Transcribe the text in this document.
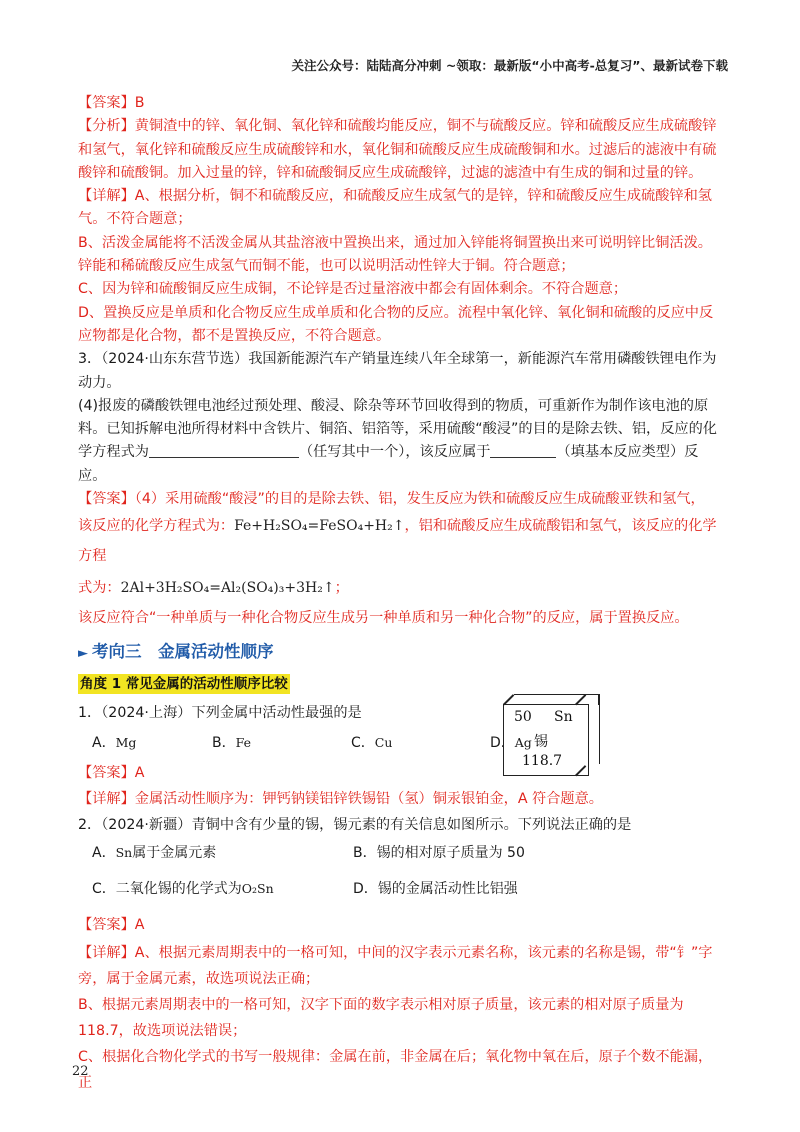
关注公众号：陆陆高分冲刺 ~领取：最新版“小中高考-总复习”、最新试卷下载

【答案】B

【分析】黄铜渣中的锌、氧化铜、氧化锌和硫酸均能反应，铜不与硫酸反应。锌和硫酸反应生成硫酸锌和氢气，氧化锌和硫酸反应生成硫酸锌和水，氧化铜和硫酸反应生成硫酸铜和水。过滤后的滤液中有硫酸锌和硫酸铜。加入过量的锌，锌和硫酸铜反应生成硫酸锌，过滤的滤渣中有生成的铜和过量的锌。

【详解】A、根据分析，铜不和硫酸反应，和硫酸反应生成氢气的是锌，锌和硫酸反应生成硫酸锌和氢气。不符合题意；

B、活泼金属能将不活泼金属从其盐溶液中置换出来，通过加入锌能将铜置换出来可说明锌比铜活泼。锌能和稀硫酸反应生成氢气而铜不能，也可以说明活动性锌大于铜。符合题意；

C、因为锌和硫酸铜反应生成铜，不论锌是否过量溶液中都会有固体剩余。不符合题意；

D、置换反应是单质和化合物反应生成单质和化合物的反应。流程中氧化锌、氧化铜和硫酸的反应中反应物都是化合物，都不是置换反应，不符合题意。

3．（2024·山东东营节选）我国新能源汽车产销量连续八年全球第一，新能源汽车常用磷酸铁锂电作为动力。

(4)报废的磷酸铁锂电池经过预处理、酸浸、除杂等环节回收得到的物质，可重新作为制作该电池的原料。已知拆解电池所得材料中含铁片、铜箔、铝箔等，采用硫酸“酸浸”的目的是除去铁、铝，反应的化学方程式为	（任写其中一个），该反应属于	（填基本反应类型）反应。

【答案】（4）采用硫酸“酸浸”的目的是除去铁、铝，发生反应为铁和硫酸反应生成硫酸亚铁和氢气，

该反应的化学方程式为：Fe+H₂SO₄=FeSO₄+H₂↑，铝和硫酸反应生成硫酸铝和氢气，该反应的化学方程

式为：2Al+3H₂SO₄=Al₂(SO₄)₃+3H₂↑；

该反应符合“一种单质与一种化合物反应生成另一种单质和另一种化合物”的反应，属于置换反应。

► 考向三　金属活动性顺序
角度 1 常见金属的活动性顺序比较

1．（2024·上海）下列金属中活动性最强的是

A．Mg	B．Fe	C．Cu	D．Ag

【答案】A

【详解】金属活动性顺序为：钾钙钠镁铝锌铁锡铅（氢）铜汞银铂金，A 符合题意。

2．（2024·新疆）青铜中含有少量的锡，锡元素的有关信息如图所示。下列说法正确的是

A．Sn属于金属元素	B．锡的相对原子质量为 50
C．二氧化锡的化学式为O₂Sn	D．锡的金属活动性比铝强

【答案】A

【详解】A、根据元素周期表中的一格可知，中间的汉字表示元素名称，该元素的名称是锡，带“钅”字旁，属于金属元素，故选项说法正确；

B、根据元素周期表中的一格可知，汉字下面的数字表示相对原子质量，该元素的相对原子质量为 118.7，故选项说法错误；

C、根据化合物化学式的书写一般规律：金属在前，非金属在后；氧化物中氧在后，原子个数不能漏，正

50 Sn
锡
118.7
22
